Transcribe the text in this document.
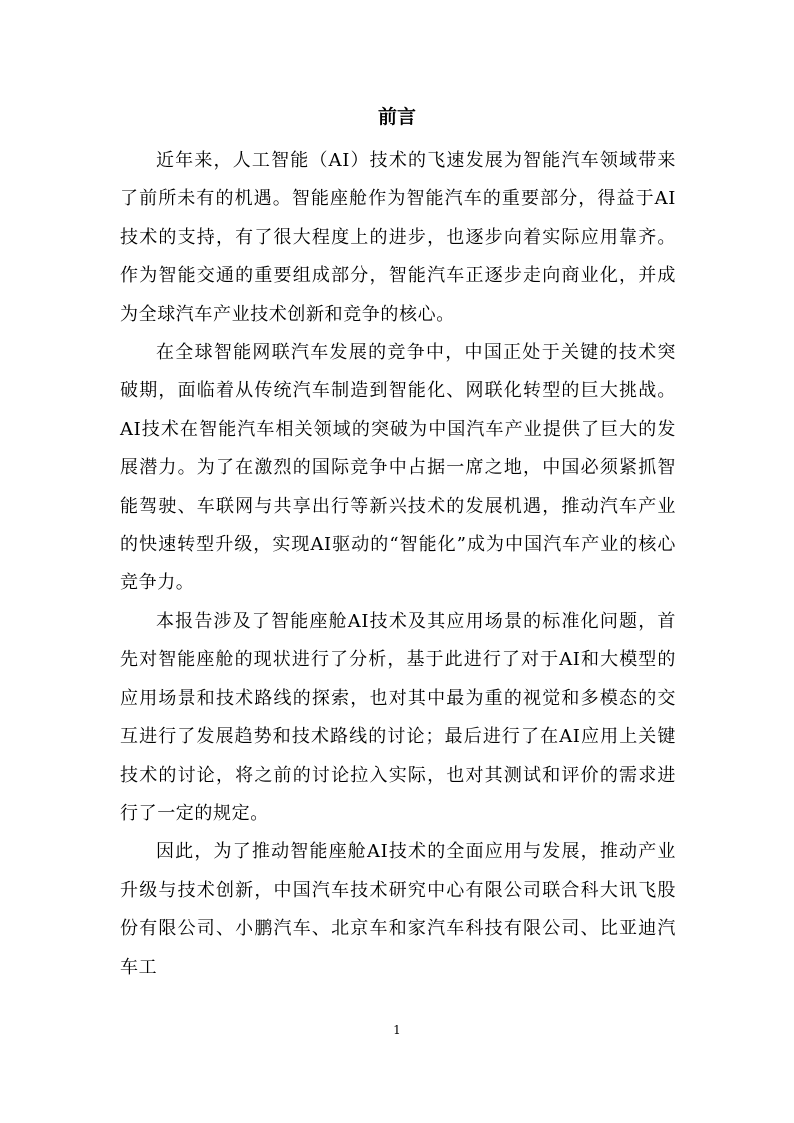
前言

近年来，人工智能（AI）技术的飞速发展为智能汽车领域带来了前所未有的机遇。智能座舱作为智能汽车的重要部分，得益于AI技术的支持，有了很大程度上的进步，也逐步向着实际应用靠齐。作为智能交通的重要组成部分，智能汽车正逐步走向商业化，并成为全球汽车产业技术创新和竞争的核心。

在全球智能网联汽车发展的竞争中，中国正处于关键的技术突破期，面临着从传统汽车制造到智能化、网联化转型的巨大挑战。AI技术在智能汽车相关领域的突破为中国汽车产业提供了巨大的发展潜力。为了在激烈的国际竞争中占据一席之地，中国必须紧抓智能驾驶、车联网与共享出行等新兴技术的发展机遇，推动汽车产业的快速转型升级，实现AI驱动的“智能化”成为中国汽车产业的核心竞争力。

本报告涉及了智能座舱AI技术及其应用场景的标准化问题，首先对智能座舱的现状进行了分析，基于此进行了对于AI和大模型的应用场景和技术路线的探索，也对其中最为重的视觉和多模态的交互进行了发展趋势和技术路线的讨论；最后进行了在AI应用上关键技术的讨论，将之前的讨论拉入实际，也对其测试和评价的需求进行了一定的规定。

因此，为了推动智能座舱AI技术的全面应用与发展，推动产业升级与技术创新，中国汽车技术研究中心有限公司联合科大讯飞股份有限公司、小鹏汽车、北京车和家汽车科技有限公司、比亚迪汽车工

1
